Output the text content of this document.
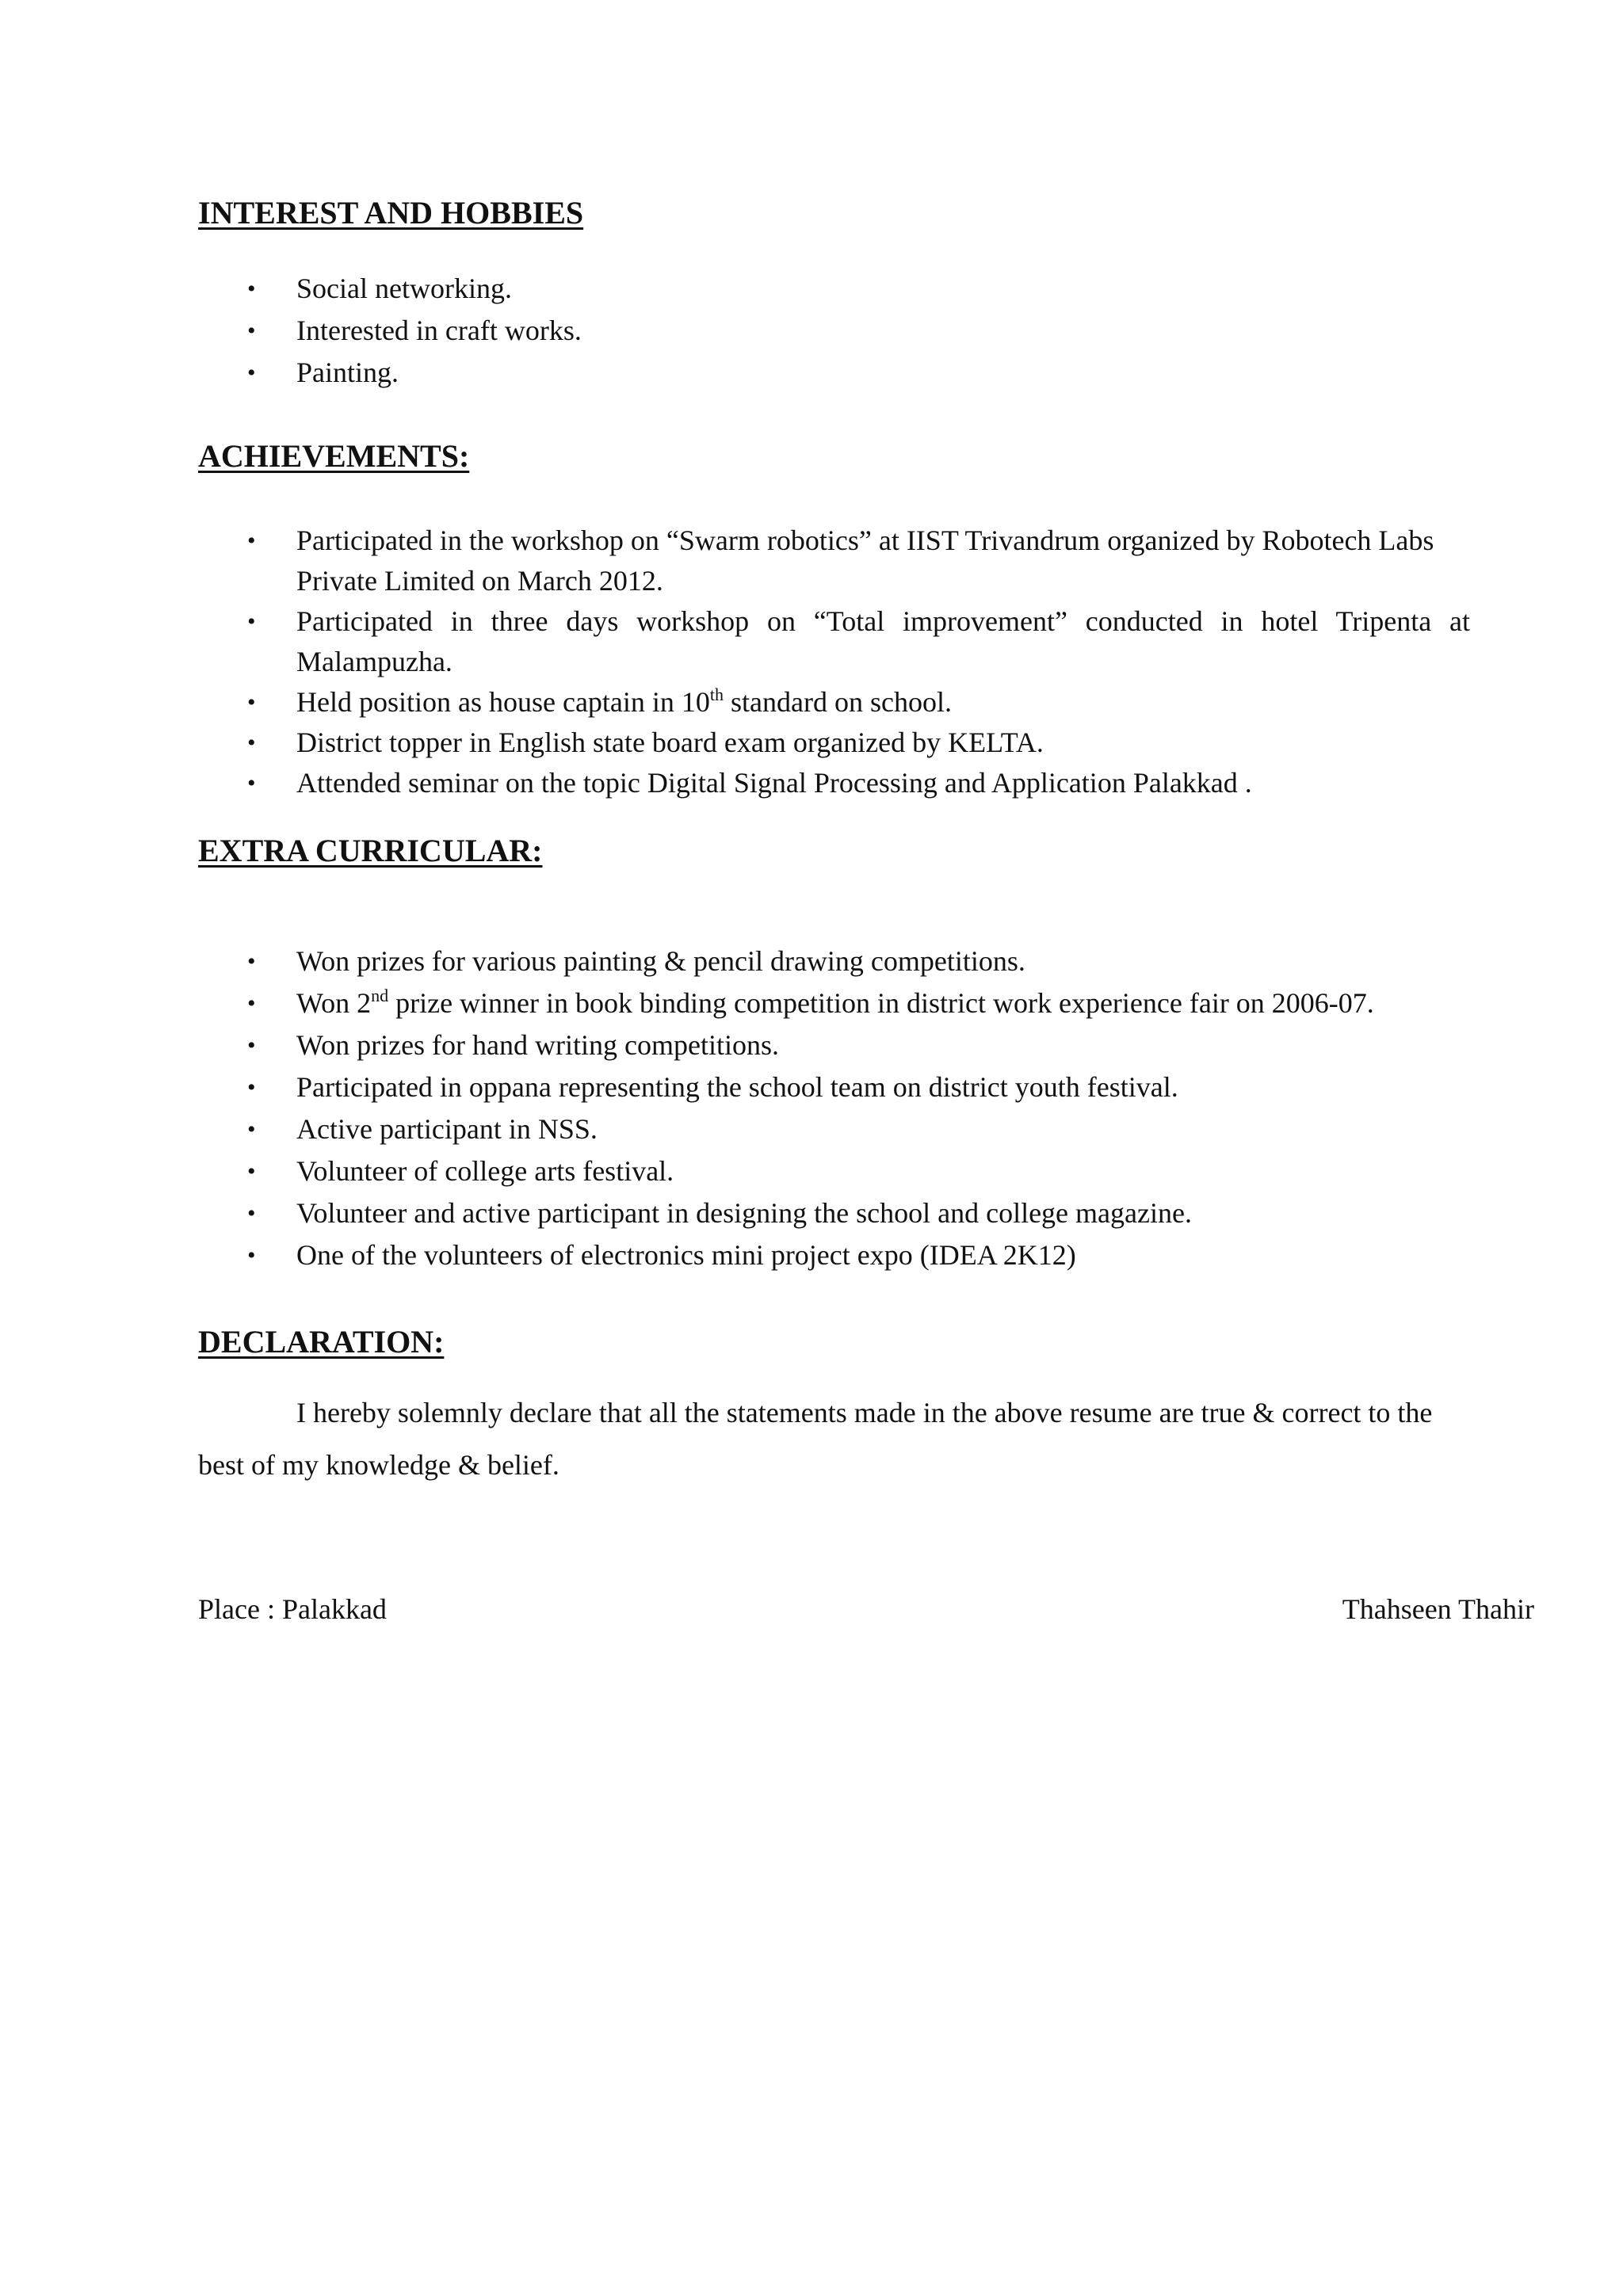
INTEREST AND HOBBIES
• Social networking.
• Interested in craft works.
• Painting.
ACHIEVEMENTS:
• Participated in the workshop on “Swarm robotics” at IIST Trivandrum organized by Robotech Labs Private Limited on March 2012.
• Participated in three days workshop on “Total improvement” conducted in hotel Tripenta at Malampuzha.
• Held position as house captain in 10th standard on school.
• District topper in English state board exam organized by KELTA.
• Attended seminar on the topic Digital Signal Processing and Application Palakkad .
EXTRA CURRICULAR:
• Won prizes for various painting & pencil drawing competitions.
• Won 2nd prize winner in book binding competition in district work experience fair on 2006-07.
• Won prizes for hand writing competitions.
• Participated in oppana representing the school team on district youth festival.
• Active participant in NSS.
• Volunteer of college arts festival.
• Volunteer and active participant in designing the school and college magazine.
• One of the volunteers of electronics mini project expo (IDEA 2K12)
DECLARATION:

I hereby solemnly declare that all the statements made in the above resume are true & correct to the best of my knowledge & belief.

Place : Palakkad	Thahseen Thahir
